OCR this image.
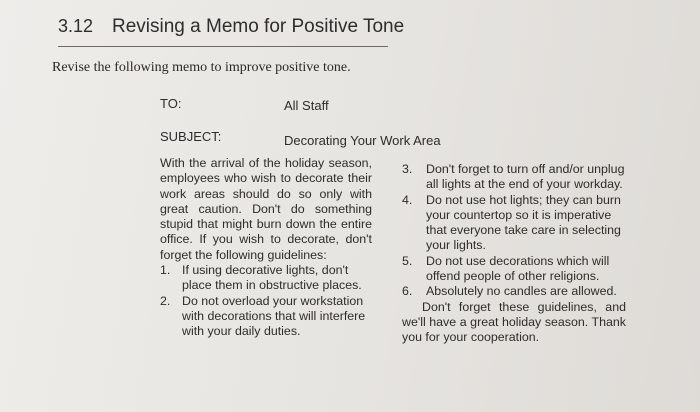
3.12 Revising a Memo for Positive Tone
Revise the following memo to improve positive tone.
TO:	All Staff
SUBJECT:	Decorating Your Work Area
With the arrival of the holiday season, employees who wish to decorate their work areas should do so only with great caution. Don't do something stupid that might burn down the entire office. If you wish to decorate, don't forget the following guidelines:
1. If using decorative lights, don't place them in obstructive places.
2. Do not overload your workstation with decorations that will interfere with your daily duties.
3. Don't forget to turn off and/or unplug all lights at the end of your workday.
4. Do not use hot lights; they can burn your countertop so it is imperative that everyone take care in selecting your lights.
5. Do not use decorations which will offend people of other religions.
6. Absolutely no candles are allowed.
Don't forget these guidelines, and we'll have a great holiday season. Thank you for your cooperation.
